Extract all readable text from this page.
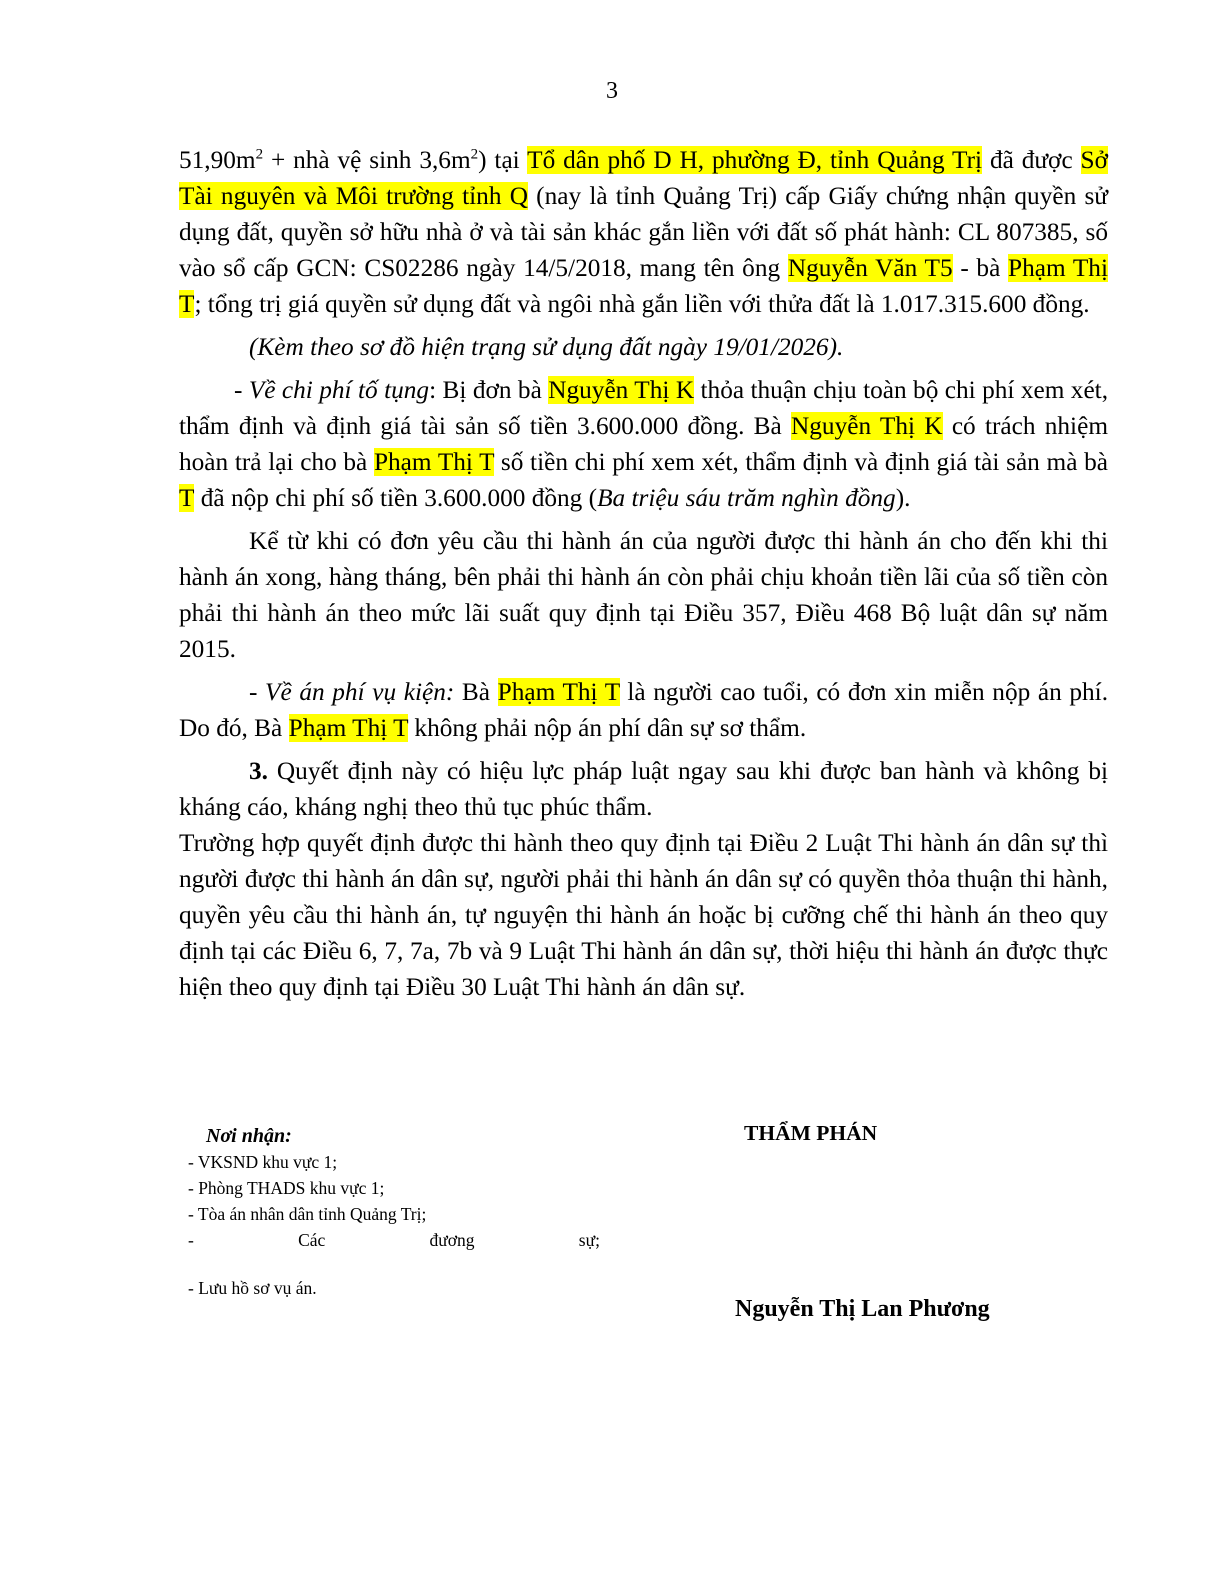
3

$51,90m^2$ + nhà vệ $\sinh 3,6m^2$) tại Tổ dân phố D H, phường Đ, tỉnh Quảng Trị đã được Sở Tài nguyên và Môi trường tỉnh Q (nay là tỉnh Quảng Trị) cấp Giấy chứng nhận quyền sử dụng đất, quyền sở hữu nhà ở và tài sản khác gắn liền với đất số phát hành: CL 807385, số vào sổ cấp GCN: CS02286 ngày 14/5/2018, mang tên ông Nguyễn Văn T5 - bà Phạm Thị T; tổng trị giá quyền sử dụng đất và ngôi nhà gắn liền với thửa đất là 1.017.315.600 đồng.

(Kèm theo sơ đồ hiện trạng sử dụng đất ngày 19/01/2026).

- Về chi phí tố tụng: Bị đơn bà Nguyễn Thị K thỏa thuận chịu toàn bộ chi phí xem xét, thẩm định và định giá tài sản số tiền 3.600.000 đồng. Bà Nguyễn Thị K có trách nhiệm hoàn trả lại cho bà Phạm Thị T số tiền chi phí xem xét, thẩm định và định giá tài sản mà bà T đã nộp chi phí số tiền 3.600.000 đồng (Ba triệu sáu trăm nghìn đồng).

Kể từ khi có đơn yêu cầu thi hành án của người được thi hành án cho đến khi thi hành án xong, hàng tháng, bên phải thi hành án còn phải chịu khoản tiền lãi của số tiền còn phải thi hành án theo mức lãi suất quy định tại Điều 357, Điều 468 Bộ luật dân sự năm 2015.

- Về án phí vụ kiện: Bà Phạm Thị T là người cao tuổi, có đơn xin miễn nộp án phí. Do đó, Bà Phạm Thị T không phải nộp án phí dân sự sơ thẩm.

3. Quyết định này có hiệu lực pháp luật ngay sau khi được ban hành và không bị kháng cáo, kháng nghị theo thủ tục phúc thẩm.

Trường hợp quyết định được thi hành theo quy định tại Điều 2 Luật Thi hành án dân sự thì người được thi hành án dân sự, người phải thi hành án dân sự có quyền thỏa thuận thi hành, quyền yêu cầu thi hành án, tự nguyện thi hành án hoặc bị cưỡng chế thi hành án theo quy định tại các Điều 6, 7, 7a, 7b và 9 Luật Thi hành án dân sự, thời hiệu thi hành án được thực hiện theo quy định tại Điều 30 Luật Thi hành án dân sự.

Nơi nhận:
- VKSND khu vực 1;
- Phòng THADS khu vực 1;
- Tòa án nhân dân tỉnh Quảng Trị;
-	Các	đương	sự;
- Lưu hồ sơ vụ án.
THẨM PHÁN
Nguyễn Thị Lan Phương
